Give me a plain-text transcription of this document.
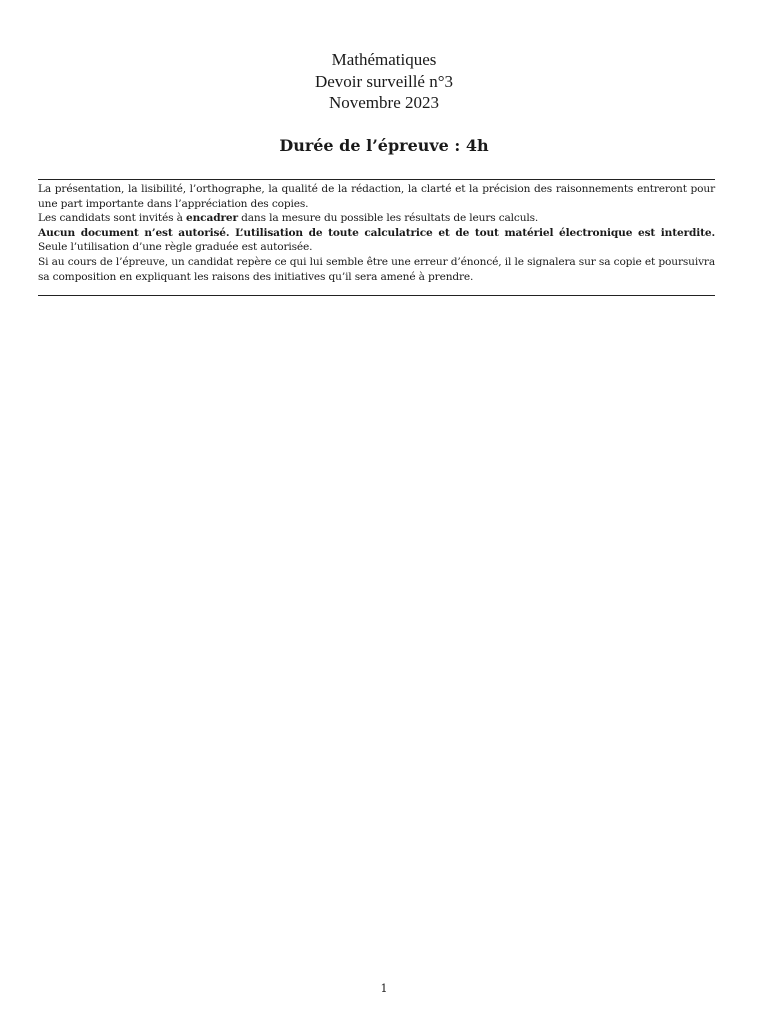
Mathématiques
Devoir surveillé n°3
Novembre 2023
Durée de l’épreuve : 4h

La présentation, la lisibilité, l’orthographe, la qualité de la rédaction, la clarté et la précision des raisonnements entreront pour une part importante dans l’appréciation des copies.

Les candidats sont invités à encadrer dans la mesure du possible les résultats de leurs calculs.

Aucun document n’est autorisé. L’utilisation de toute calculatrice et de tout matériel électronique est interdite. Seule l’utilisation d’une règle graduée est autorisée.

Si au cours de l’épreuve, un candidat repère ce qui lui semble être une erreur d’énoncé, il le signalera sur sa copie et poursuivra sa composition en expliquant les raisons des initiatives qu’il sera amené à prendre.

1
